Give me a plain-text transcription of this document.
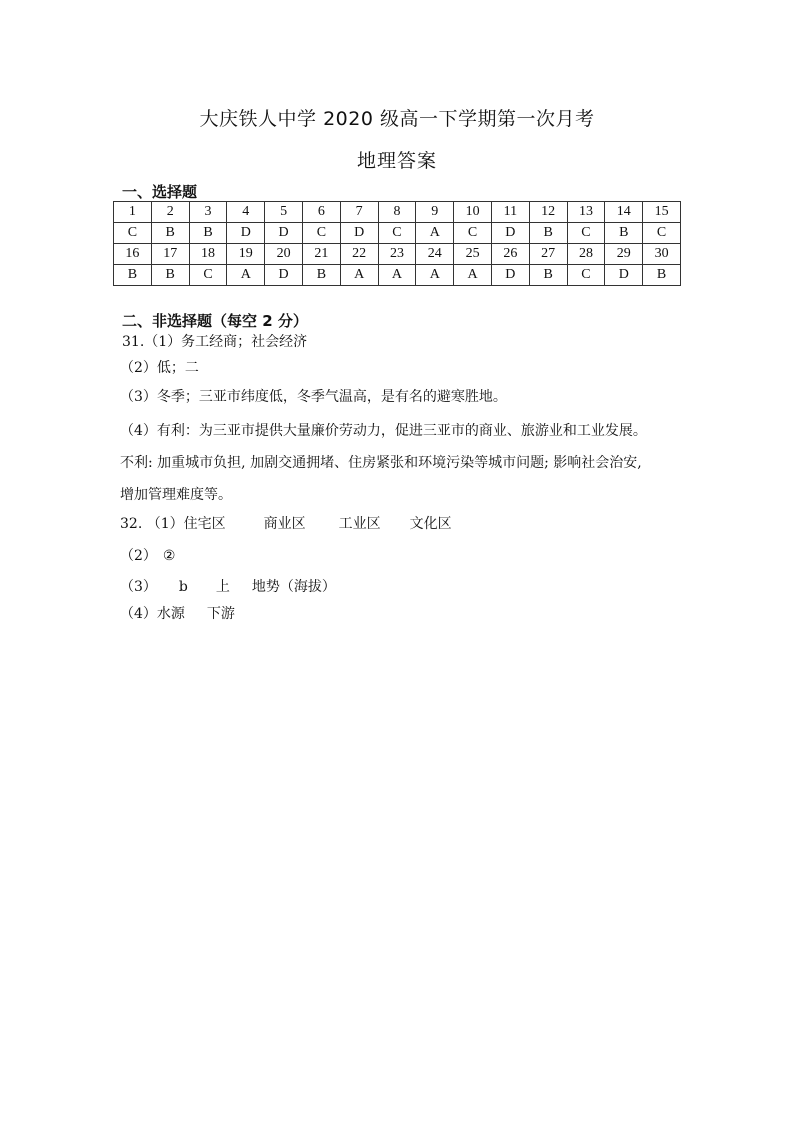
大庆铁人中学 2020 级高一下学期第一次月考
地理答案
一、选择题
1	2	3	4	5	6	7	8	9	10	11	12	13	14	15
C	B	B	D	D	C	D	C	A	C	D	B	C	B	C
16	17	18	19	20	21	22	23	24	25	26	27	28	29	30
B	B	C	A	D	B	A	A	A	A	D	B	C	D	B
二、非选择题（每空 2 分）
31.（1）务工经商；社会经济
（2）低；二
（3）冬季；三亚市纬度低，冬季气温高，是有名的避寒胜地。
（4）有利：为三亚市提供大量廉价劳动力，促进三亚市的商业、旅游业和工业发展。
不利: 加重城市负担, 加剧交通拥堵、住房紧张和环境污染等城市问题; 影响社会治安,
增加管理难度等。
32. （1）住宅区	商业区 工业区 文化区
（2） ②
（3） b 上 地势（海拔）
（4）水源 下游
